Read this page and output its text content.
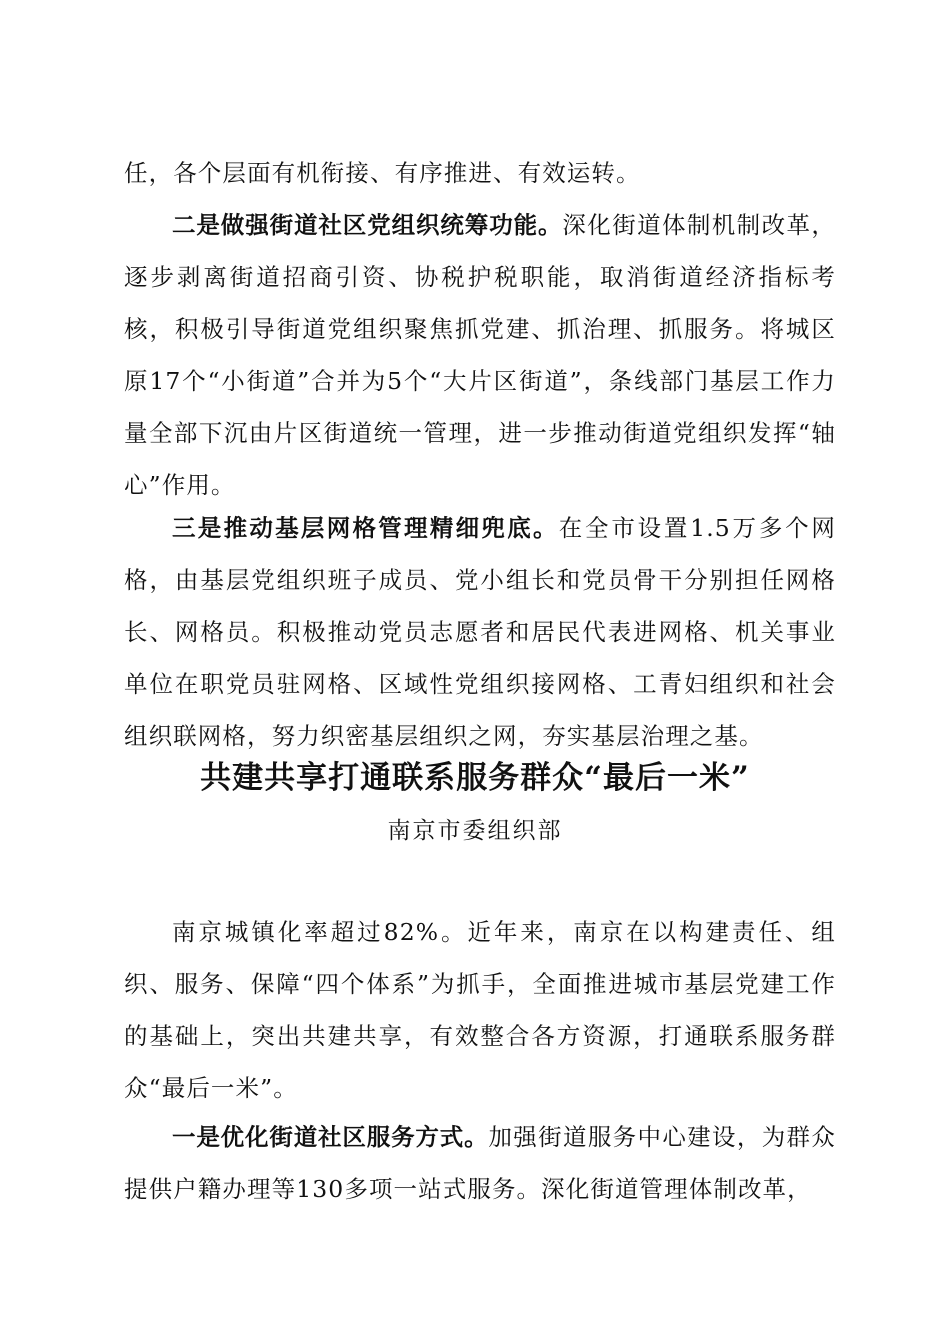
任，各个层面有机衔接、有序推进、有效运转。

二是做强街道社区党组织统筹功能。深化街道体制机制改革，逐步剥离街道招商引资、协税护税职能，取消街道经济指标考核，积极引导街道党组织聚焦抓党建、抓治理、抓服务。将城区原17个“小街道”合并为5个“大片区街道”，条线部门基层工作力量全部下沉由片区街道统一管理，进一步推动街道党组织发挥“轴心”作用。

三是推动基层网格管理精细兜底。在全市设置1.5万多个网格，由基层党组织班子成员、党小组长和党员骨干分别担任网格长、网格员。积极推动党员志愿者和居民代表进网格、机关事业单位在职党员驻网格、区域性党组织接网格、工青妇组织和社会组织联网格，努力织密基层组织之网，夯实基层治理之基。

共建共享打通联系服务群众“最后一米”
南京市委组织部

南京城镇化率超过82%。近年来，南京在以构建责任、组织、服务、保障“四个体系”为抓手，全面推进城市基层党建工作的基础上，突出共建共享，有效整合各方资源，打通联系服务群众“最后一米”。

一是优化街道社区服务方式。加强街道服务中心建设，为群众提供户籍办理等130多项一站式服务。深化街道管理体制改革，
